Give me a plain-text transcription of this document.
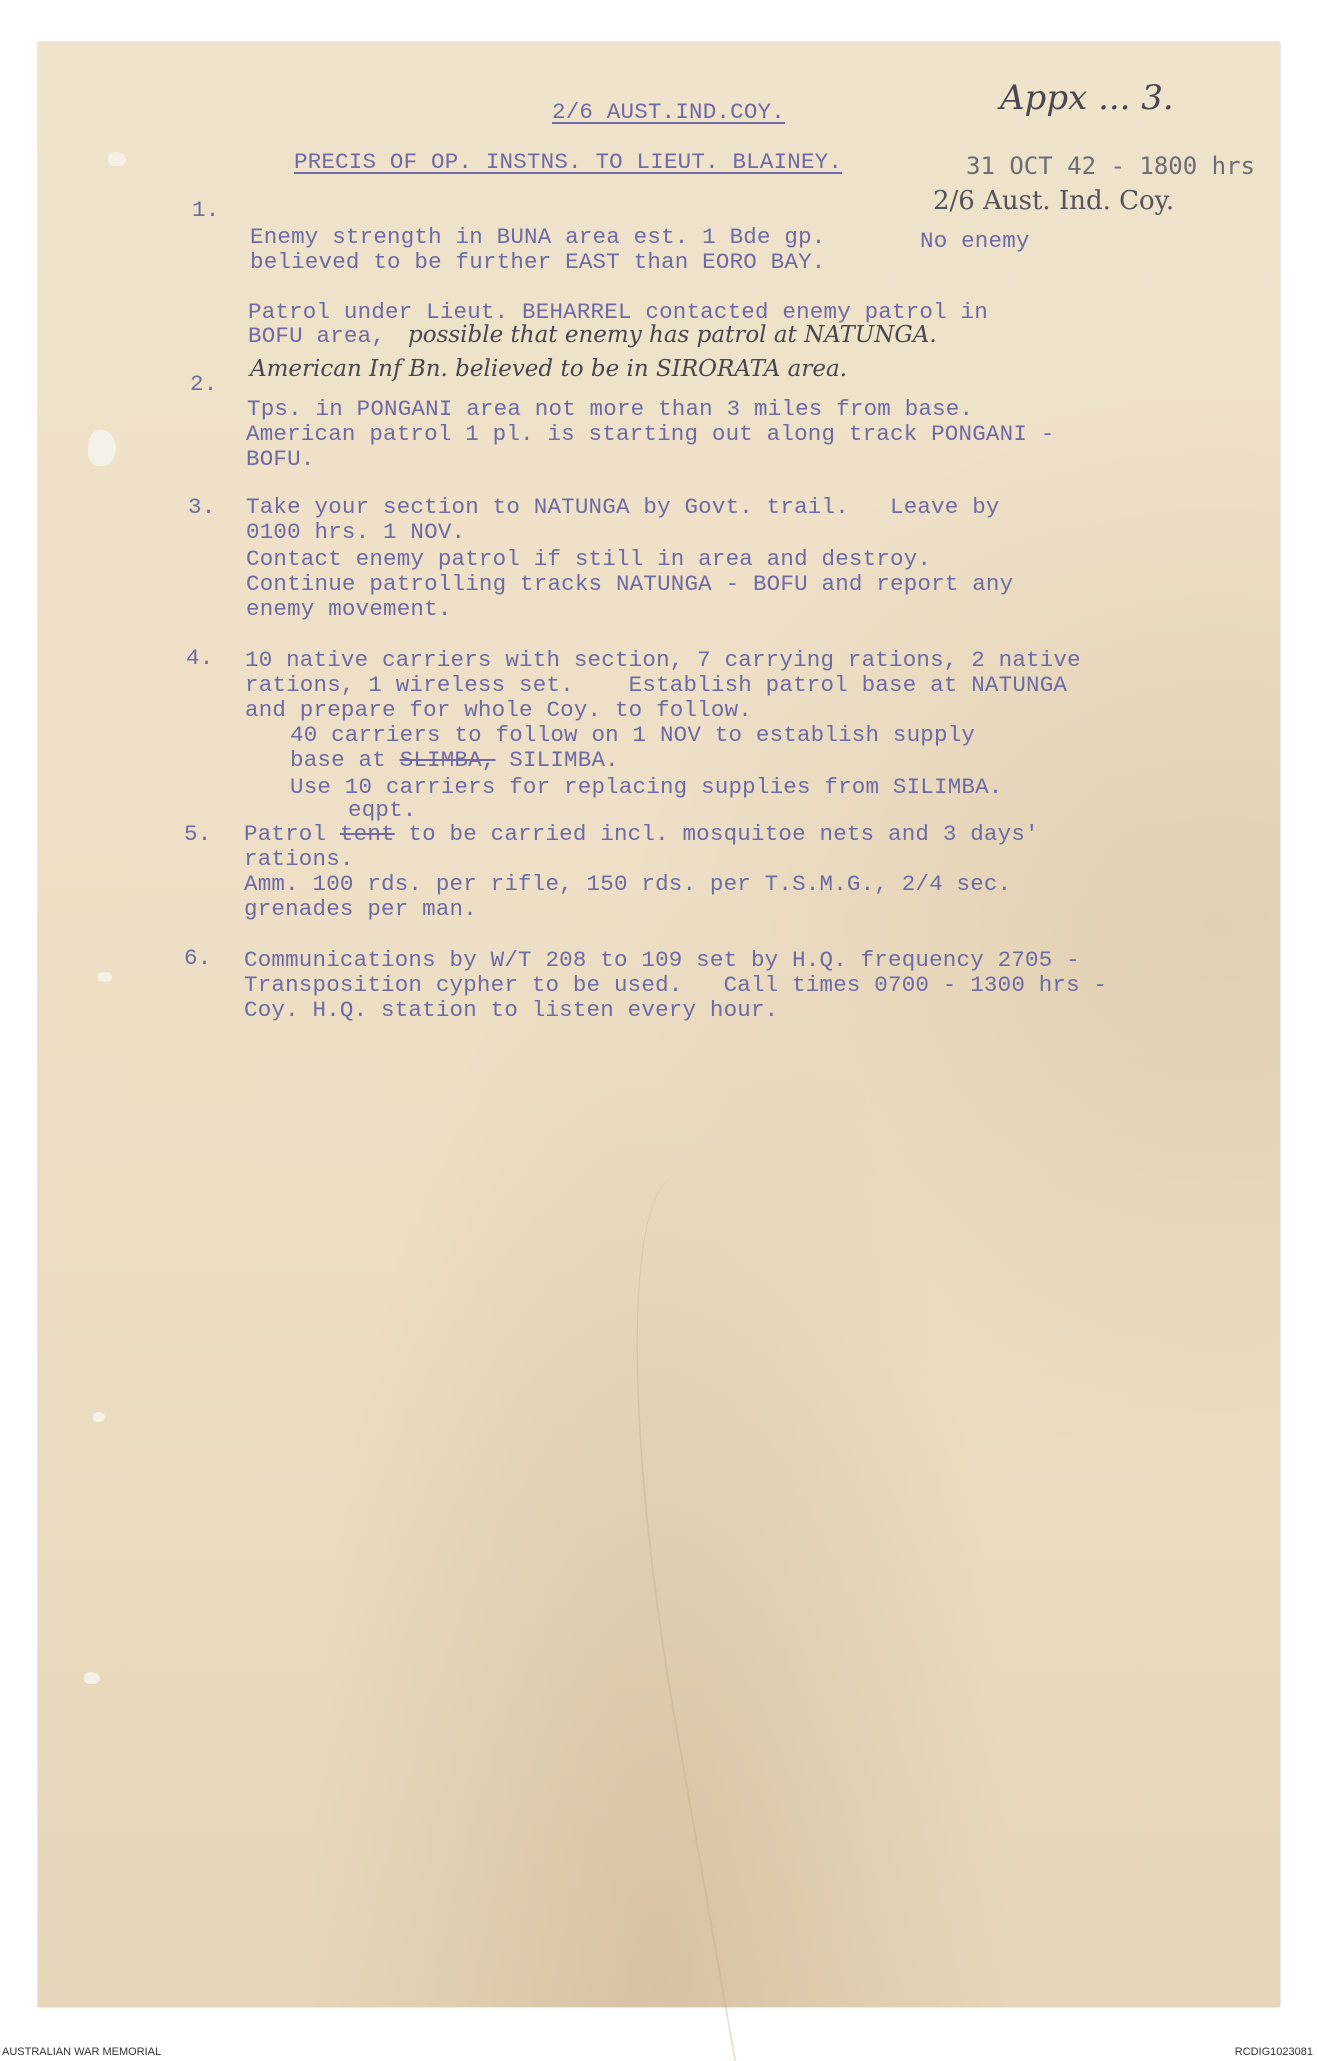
2/6 AUST.IND.COY.
PRECIS OF OP. INSTNS. TO LIEUT. BLAINEY.
Appx ... 3.
31 OCT 42 - 1800 hrs
2/6 Aust. Ind. Coy.
1.
Enemy strength in BUNA area est. 1 Bde gp.	No enemy
believed to be further EAST than EORO BAY.
Patrol under Lieut. BEHARREL contacted enemy patrol in
BOFU area, possible that enemy has patrol at NATUNGA.
American Inf Bn. believed to be in SIRORATA area.
2.
Tps. in PONGANI area not more than 3 miles from base.
American patrol 1 pl. is starting out along track PONGANI -
BOFU.
3. Take your section to NATUNGA by Govt. trail.   Leave by
0100 hrs. 1 NOV.
Contact enemy patrol if still in area and destroy.
Continue patrolling tracks NATUNGA - BOFU and report any
enemy movement.
4. 10 native carriers with section, 7 carrying rations, 2 native
rations, 1 wireless set.    Establish patrol base at NATUNGA
and prepare for whole Coy. to follow.
40 carriers to follow on 1 NOV to establish supply
base at SLIMBA, SILIMBA.
Use 10 carriers for replacing supplies from SILIMBA.
eqpt.
5. Patrol tent to be carried incl. mosquitoe nets and 3 days'
rations.
Amm. 100 rds. per rifle, 150 rds. per T.S.M.G., 2/4 sec.
grenades per man.
6. Communications by W/T 208 to 109 set by H.Q. frequency 2705 -
Transposition cypher to be used.   Call times 0700 - 1300 hrs -
Coy. H.Q. station to listen every hour.
AUSTRALIAN WAR MEMORIAL	RCDIG1023081
